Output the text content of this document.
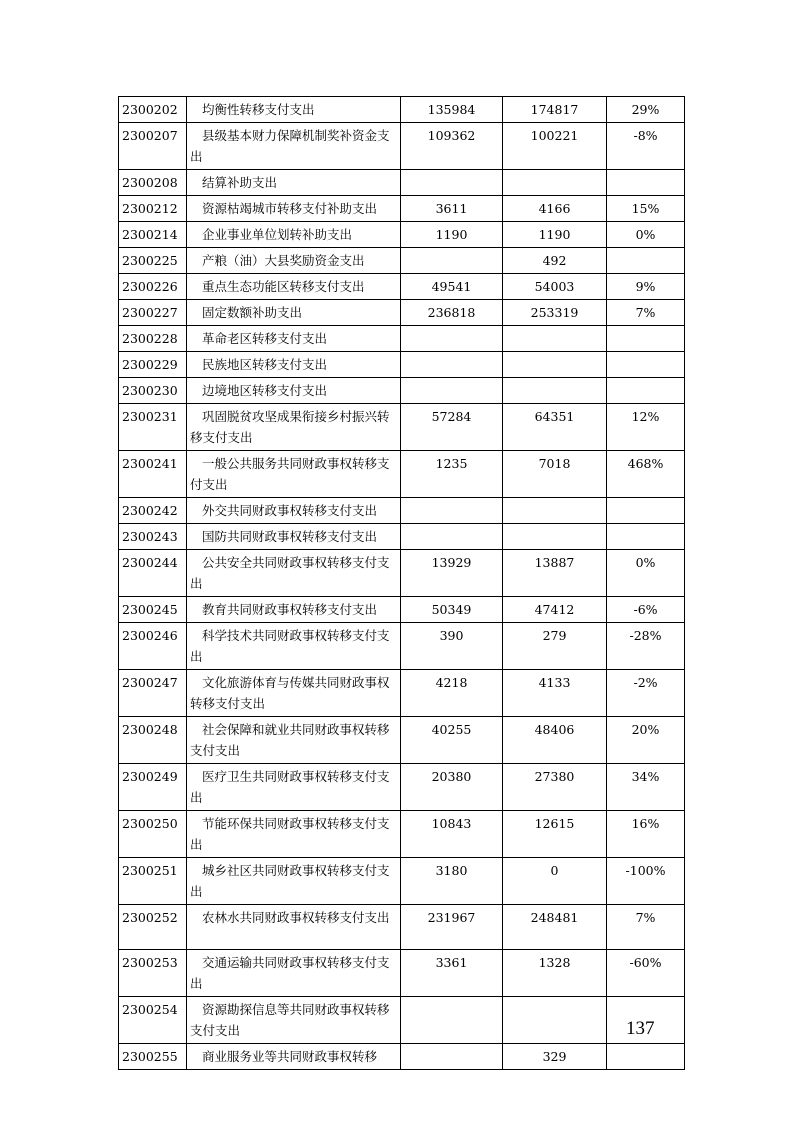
2300202	均衡性转移支付支出	135984	174817	29%
2300207	县级基本财力保障机制奖补资金支出	109362	100221	-8%
2300208	结算补助支出			
2300212	资源枯竭城市转移支付补助支出	3611	4166	15%
2300214	企业事业单位划转补助支出	1190	1190	0%
2300225	产粮（油）大县奖励资金支出		492	
2300226	重点生态功能区转移支付支出	49541	54003	9%
2300227	固定数额补助支出	236818	253319	7%
2300228	革命老区转移支付支出			
2300229	民族地区转移支付支出			
2300230	边境地区转移支付支出			
2300231	巩固脱贫攻坚成果衔接乡村振兴转移支付支出	57284	64351	12%
2300241	一般公共服务共同财政事权转移支付支出	1235	7018	468%
2300242	外交共同财政事权转移支付支出			
2300243	国防共同财政事权转移支付支出			
2300244	公共安全共同财政事权转移支付支出	13929	13887	0%
2300245	教育共同财政事权转移支付支出	50349	47412	-6%
2300246	科学技术共同财政事权转移支付支出	390	279	-28%
2300247	文化旅游体育与传媒共同财政事权转移支付支出	4218	4133	-2%
2300248	社会保障和就业共同财政事权转移支付支出	40255	48406	20%
2300249	医疗卫生共同财政事权转移支付支出	20380	27380	34%
2300250	节能环保共同财政事权转移支付支出	10843	12615	16%
2300251	城乡社区共同财政事权转移支付支出	3180	0	-100%
2300252	农林水共同财政事权转移支付支出	231967	248481	7%
2300253	交通运输共同财政事权转移支付支出	3361	1328	-60%
2300254	资源勘探信息等共同财政事权转移支付支出			
2300255	商业服务业等共同财政事权转移		329	
137
